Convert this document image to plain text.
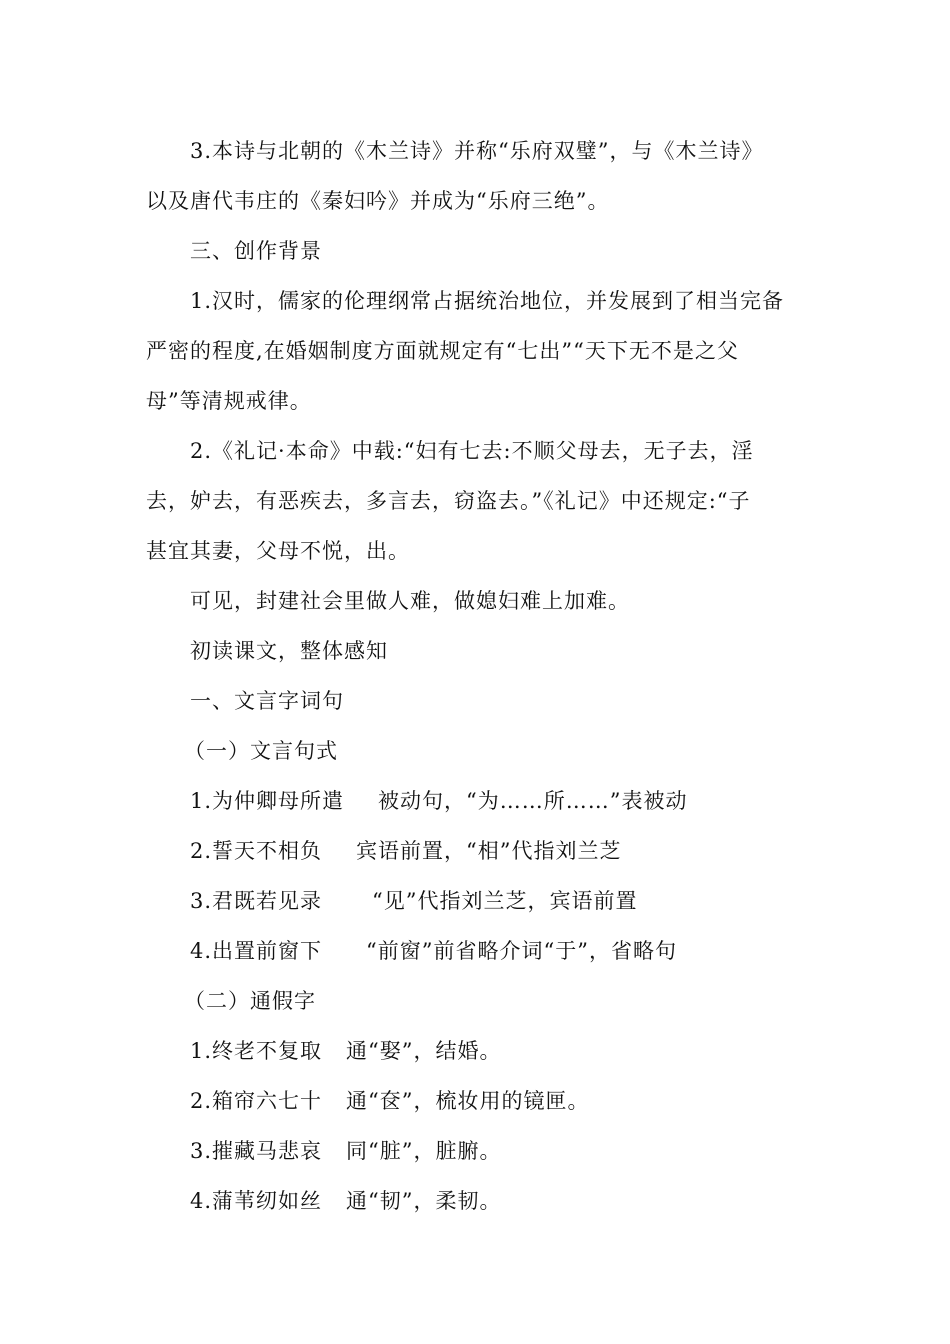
3.本诗与北朝的《木兰诗》并称“乐府双璧”，与《木兰诗》
以及唐代韦庄的《秦妇吟》并成为“乐府三绝”。
三、创作背景
1.汉时，儒家的伦理纲常占据统治地位，并发展到了相当完备
严密的程度,在婚姻制度方面就规定有“七出”“天下无不是之父
母”等清规戒律。
2.《礼记·本命》中载:“妇有七去:不顺父母去，无子去，淫
去，妒去，有恶疾去，多言去，窃盗去。”《礼记》中还规定:“子
甚宜其妻，父母不悦，出。
可见，封建社会里做人难，做媳妇难上加难。
初读课文，整体感知
一、文言字词句
（一）文言句式
1.为仲卿母所遣 被动句，“为……所……”表被动
2.誓天不相负 宾语前置，“相”代指刘兰芝
3.君既若见录 “见”代指刘兰芝，宾语前置
4.出置前窗下 “前窗”前省略介词“于”，省略句
（二）通假字
1.终老不复取 通“娶”，结婚。
2.箱帘六七十 通“奁”，梳妆用的镜匣。
3.摧藏马悲哀 同“脏”，脏腑。
4.蒲苇纫如丝 通“韧”，柔韧。
